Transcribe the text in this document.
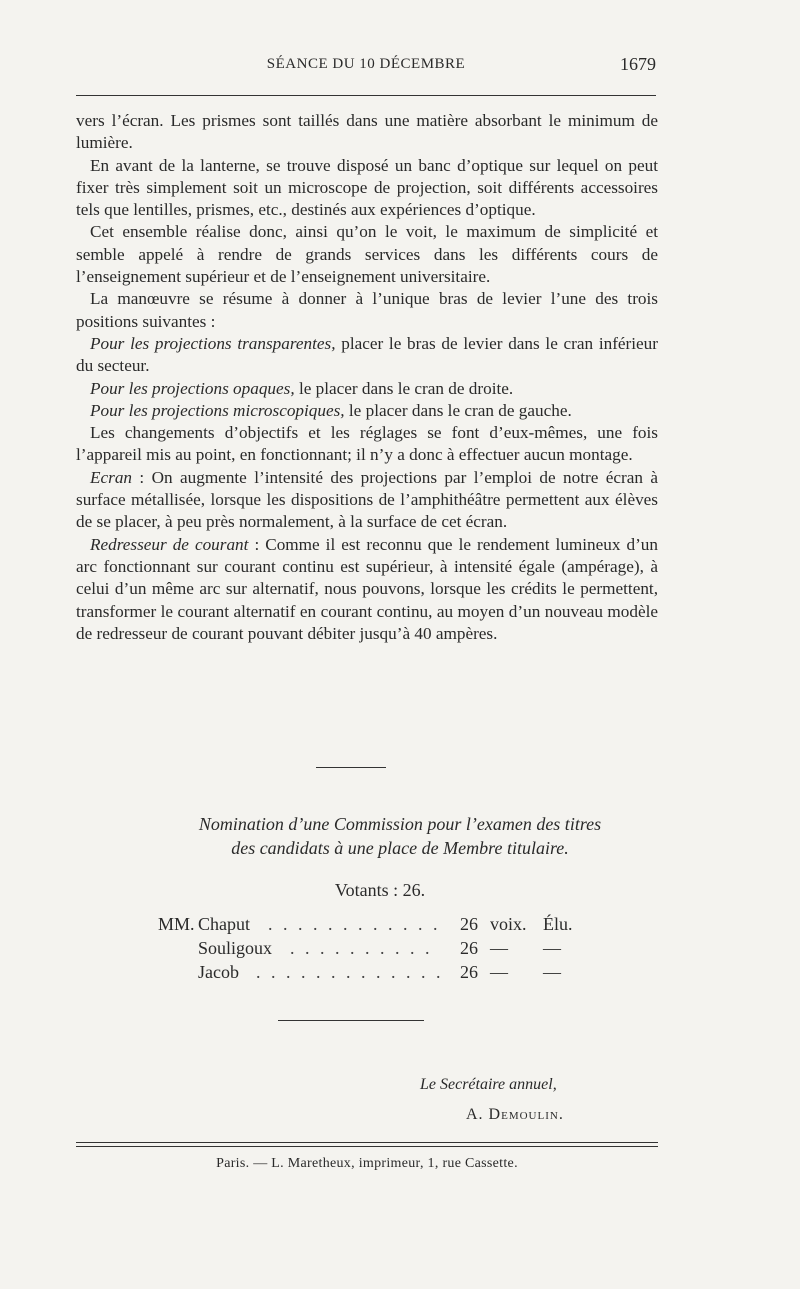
SÉANCE DU 10 DÉCEMBRE	1679

vers l’écran. Les prismes sont taillés dans une matière absorbant le minimum de lumière.

En avant de la lanterne, se trouve disposé un banc d’optique sur lequel on peut fixer très simplement soit un microscope de projection, soit différents accessoires tels que lentilles, prismes, etc., destinés aux expériences d’optique.

Cet ensemble réalise donc, ainsi qu’on le voit, le maximum de simplicité et semble appelé à rendre de grands services dans les différents cours de l’enseignement supérieur et de l’enseignement universitaire.

La manœuvre se résume à donner à l’unique bras de levier l’une des trois positions suivantes :

Pour les projections transparentes, placer le bras de levier dans le cran inférieur du secteur.

Pour les projections opaques, le placer dans le cran de droite.

Pour les projections microscopiques, le placer dans le cran de gauche.

Les changements d’objectifs et les réglages se font d’eux-mêmes, une fois l’appareil mis au point, en fonctionnant; il n’y a donc à effectuer aucun montage.

Ecran : On augmente l’intensité des projections par l’emploi de notre écran à surface métallisée, lorsque les dispositions de l’amphithéâtre permettent aux élèves de se placer, à peu près normalement, à la surface de cet écran.

Redresseur de courant : Comme il est reconnu que le rendement lumineux d’un arc fonctionnant sur courant continu est supérieur, à intensité égale (ampérage), à celui d’un même arc sur alternatif, nous pouvons, lorsque les crédits le permettent, transformer le courant alternatif en courant continu, au moyen d’un nouveau modèle de redresseur de courant pouvant débiter jusqu’à 40 ampères.

Nomination d’une Commission pour l’examen des titres
des candidats à une place de Membre titulaire.
Votants : 26.
MM. Chaput . . . . . . . . . . . .	26 voix. Élu.
Souligoux . . . . . . . . . .	26 — —
Jacob . . . . . . . . . . . . . 26 — —
Le Secrétaire annuel,
A. Demoulin.
Paris. — L. Maretheux, imprimeur, 1, rue Cassette.
